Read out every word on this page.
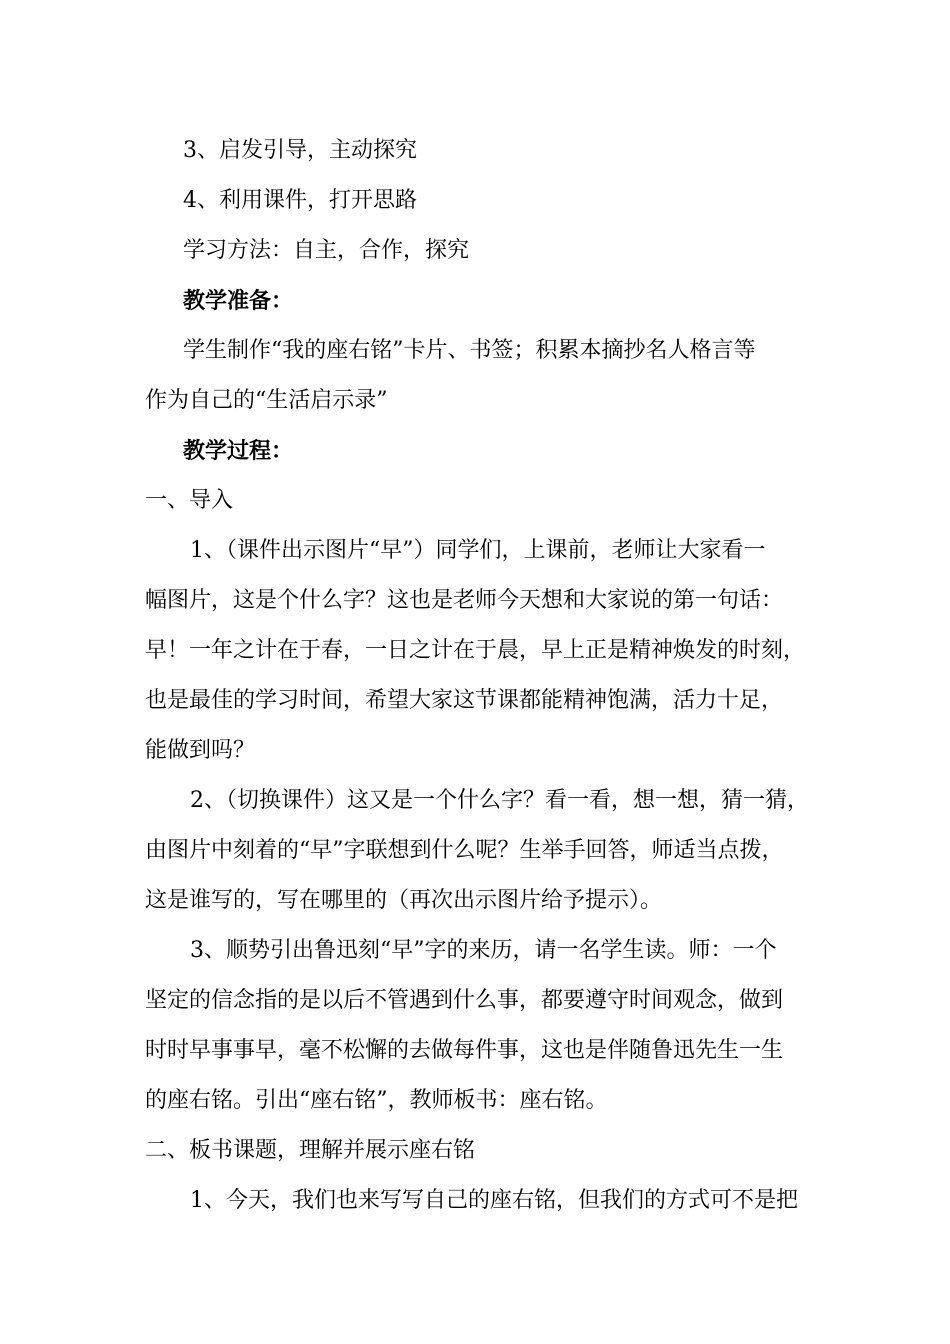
3、启发引导，主动探究
4、利用课件，打开思路
学习方法：自主，合作，探究
教学准备：
学生制作“我的座右铭”卡片、书签；积累本摘抄名人格言等
作为自己的“生活启示录”
教学过程：
一、导入
1、（课件出示图片“早”）同学们，上课前，老师让大家看一
幅图片，这是个什么字？这也是老师今天想和大家说的第一句话：
早！一年之计在于春，一日之计在于晨，早上正是精神焕发的时刻，
也是最佳的学习时间，希望大家这节课都能精神饱满，活力十足，
能做到吗？
2、（切换课件）这又是一个什么字？看一看，想一想，猜一猜，
由图片中刻着的“早”字联想到什么呢？生举手回答，师适当点拨，
这是谁写的，写在哪里的（再次出示图片给予提示）。
3、顺势引出鲁迅刻“早”字的来历，请一名学生读。师：一个
坚定的信念指的是以后不管遇到什么事，都要遵守时间观念，做到
时时早事事早，毫不松懈的去做每件事，这也是伴随鲁迅先生一生
的座右铭。引出“座右铭”，教师板书：座右铭。
二、板书课题，理解并展示座右铭
1、今天，我们也来写写自己的座右铭，但我们的方式可不是把
